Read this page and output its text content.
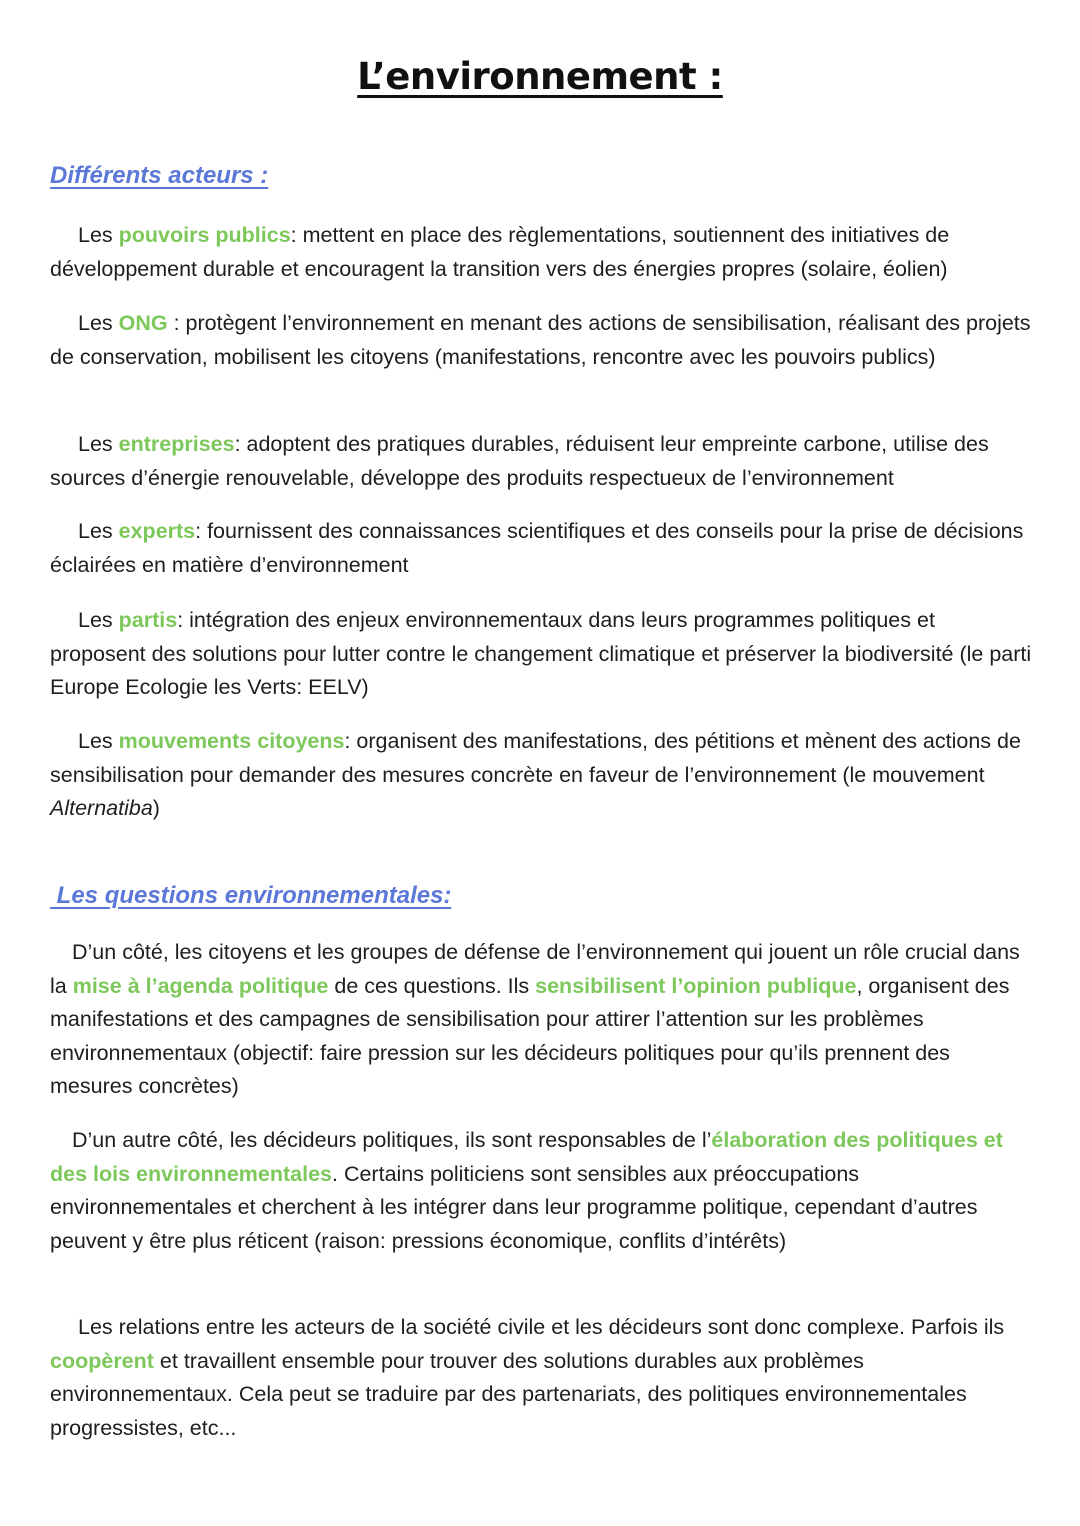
L’environnement :
Différents acteurs :

Les pouvoirs publics: mettent en place des règlementations, soutiennent des initiatives de développement durable et encouragent la transition vers des énergies propres (solaire, éolien)

Les ONG : protègent l’environnement en menant des actions de sensibilisation, réalisant des projets de conservation, mobilisent les citoyens (manifestations, rencontre avec les pouvoirs publics)

Les entreprises: adoptent des pratiques durables, réduisent leur empreinte carbone, utilise des sources d’énergie renouvelable, développe des produits respectueux de l’environnement

Les experts: fournissent des connaissances scientifiques et des conseils pour la prise de décisions éclairées en matière d’environnement

Les partis: intégration des enjeux environnementaux dans leurs programmes politiques et proposent des solutions pour lutter contre le changement climatique et préserver la biodiversité (le parti Europe Ecologie les Verts: EELV)

Les mouvements citoyens: organisent des manifestations, des pétitions et mènent des actions de sensibilisation pour demander des mesures concrète en faveur de l’environnement (le mouvement Alternatiba)

Les questions environnementales:

D’un côté, les citoyens et les groupes de défense de l’environnement qui jouent un rôle crucial dans la mise à l’agenda politique de ces questions. Ils sensibilisent l’opinion publique, organisent des manifestations et des campagnes de sensibilisation pour attirer l’attention sur les problèmes environnementaux (objectif: faire pression sur les décideurs politiques pour qu’ils prennent des mesures concrètes)

D’un autre côté, les décideurs politiques, ils sont responsables de l’élaboration des politiques et des lois environnementales. Certains politiciens sont sensibles aux préoccupations environnementales et cherchent à les intégrer dans leur programme politique, cependant d’autres peuvent y être plus réticent (raison: pressions économique, conflits d’intérêts)

Les relations entre les acteurs de la société civile et les décideurs sont donc complexe. Parfois ils coopèrent et travaillent ensemble pour trouver des solutions durables aux problèmes environnementaux. Cela peut se traduire par des partenariats, des politiques environnementales progressistes, etc...
